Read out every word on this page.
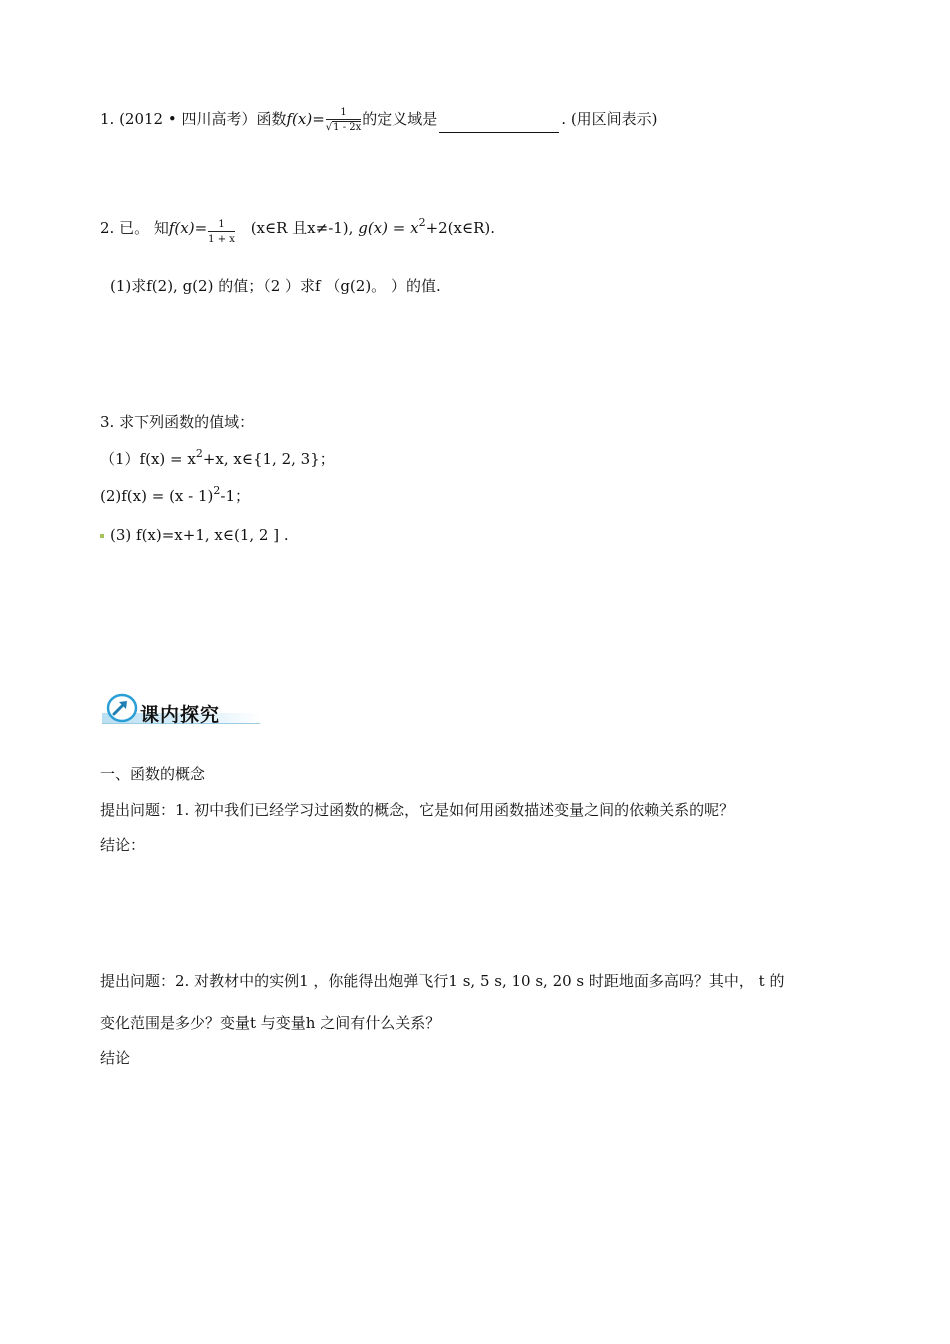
1. (2012 • 四川高考）函数$f(x)= \frac{1}{√1 - 2x}$ 的定义域是	. (用区间表示)
2. 已。 知$f(x)= \frac{1}{1 + x}$ (x∈R 且x≠-1), $g(x) = x^2+2(x\in R)$.
(1)求f(2), g(2) 的值；（2 ）求f （g(2)。 ）的值.
3. 求下列函数的值域：
$(1)f(x) = x^2+x$, x∈{1, 2, 3}；
(2)f(x) = (x - 1)$^2$-1；
(3) f(x)=x+1, x∈(1, 2 ] .
课内探究
一、函数的概念
提出问题：1. 初中我们已经学习过函数的概念，它是如何用函数描述变量之间的依赖关系的呢？
结论：
提出问题：2. 对教材中的实例1 ，你能得出炮弹飞行1 s, 5 s, 10 s, 20 s 时距地面多高吗？其中， t 的
变化范围是多少？变量t 与变量h 之间有什么关系？
结论
